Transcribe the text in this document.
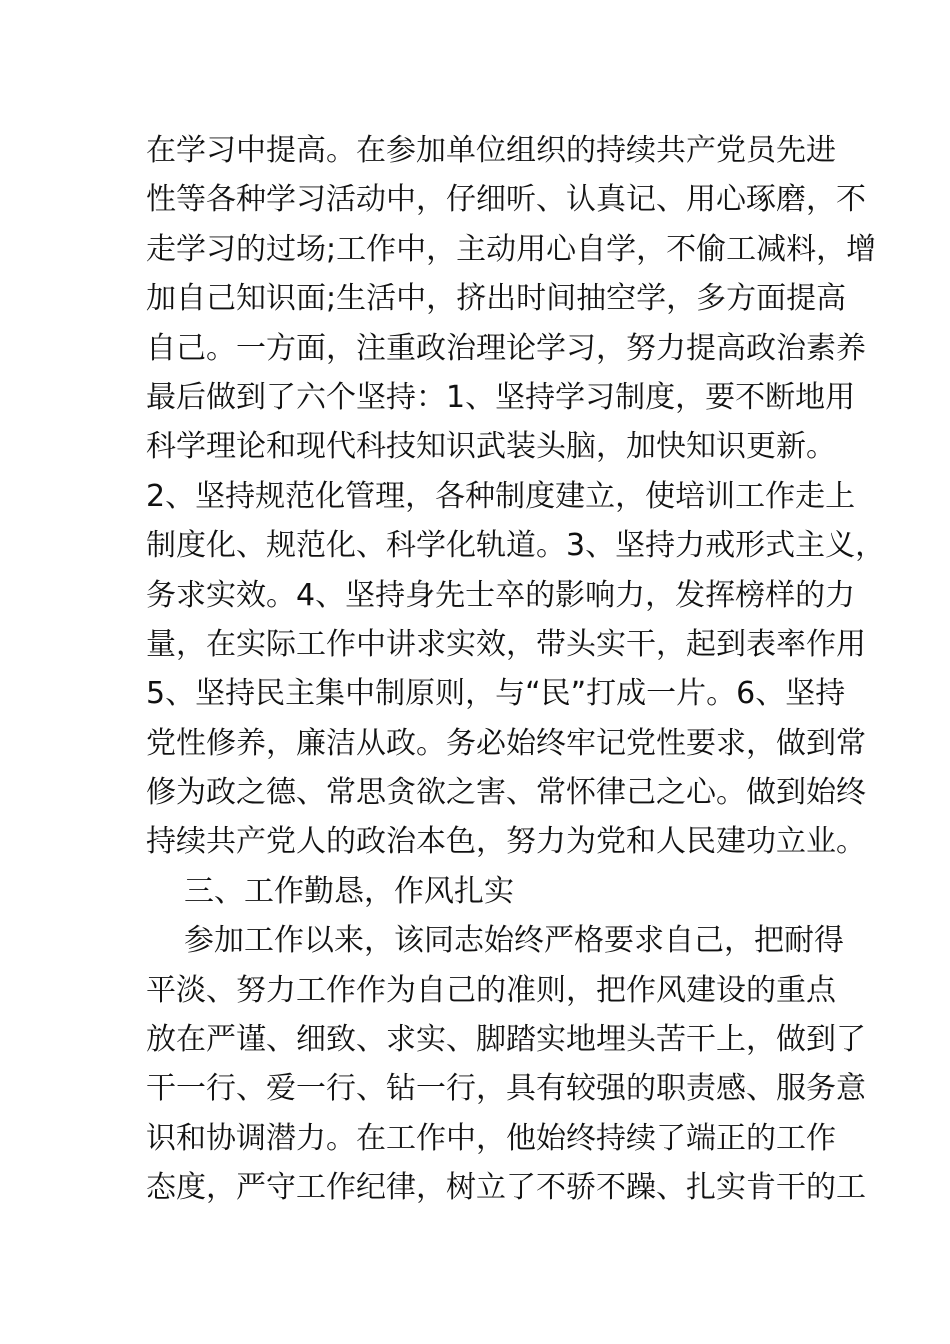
在学习中提高。在参加单位组织的持续共产党员先进
性等各种学习活动中，仔细听、认真记、用心琢磨，不
走学习的过场;工作中，主动用心自学，不偷工减料，增
加自己知识面;生活中，挤出时间抽空学，多方面提高
自己。一方面，注重政治理论学习，努力提高政治素养
最后做到了六个坚持：1、坚持学习制度，要不断地用
科学理论和现代科技知识武装头脑，加快知识更新。
2、坚持规范化管理，各种制度建立，使培训工作走上
制度化、规范化、科学化轨道。3、坚持力戒形式主义，
务求实效。4、坚持身先士卒的影响力，发挥榜样的力
量，在实际工作中讲求实效，带头实干，起到表率作用
5、坚持民主集中制原则，与“民”打成一片。6、坚持
党性修养，廉洁从政。务必始终牢记党性要求，做到常
修为政之德、常思贪欲之害、常怀律己之心。做到始终
持续共产党人的政治本色，努力为党和人民建功立业。
三、工作勤恳，作风扎实
参加工作以来，该同志始终严格要求自己，把耐得
平淡、努力工作作为自己的准则，把作风建设的重点
放在严谨、细致、求实、脚踏实地埋头苦干上，做到了
干一行、爱一行、钻一行，具有较强的职责感、服务意
识和协调潜力。在工作中，他始终持续了端正的工作
态度，严守工作纪律，树立了不骄不躁、扎实肯干的工
